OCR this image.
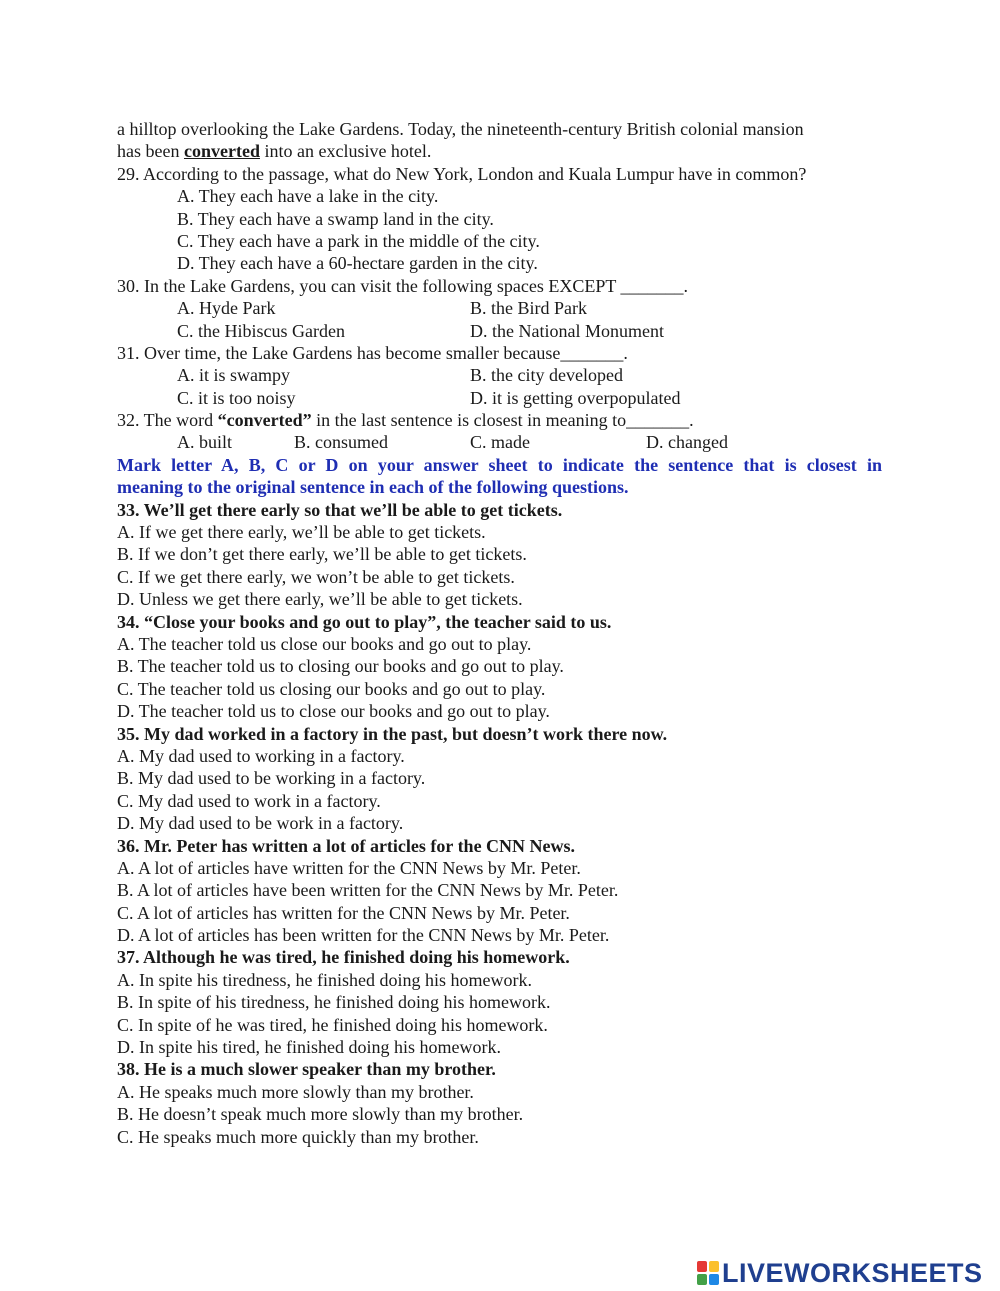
a hilltop overlooking the Lake Gardens. Today, the nineteenth-century British colonial mansion
has been converted into an exclusive hotel.
29. According to the passage, what do New York, London and Kuala Lumpur have in common?
A. They each have a lake in the city.
B. They each have a swamp land in the city.
C. They each have a park in the middle of the city.
D. They each have a 60-hectare garden in the city.
30. In the Lake Gardens, you can visit the following spaces EXCEPT _______.
A. Hyde Park	B. the Bird Park
C. the Hibiscus Garden	D. the National Monument
31. Over time, the Lake Gardens has become smaller because_______.
A. it is swampy	B. the city developed
C. it is too noisy	D. it is getting overpopulated
32. The word “converted” in the last sentence is closest in meaning to_______.
A. built	B. consumed	C. made	D. changed
Mark letter A, B, C or D on your answer sheet to indicate the sentence that is closest in
meaning to the original sentence in each of the following questions.
33. We’ll get there early so that we’ll be able to get tickets.
A. If we get there early, we’ll be able to get tickets.
B. If we don’t get there early, we’ll be able to get tickets.
C. If we get there early, we won’t be able to get tickets.
D. Unless we get there early, we’ll be able to get tickets.
34. “Close your books and go out to play”, the teacher said to us.
A. The teacher told us close our books and go out to play.
B. The teacher told us to closing our books and go out to play.
C. The teacher told us closing our books and go out to play.
D. The teacher told us to close our books and go out to play.
35. My dad worked in a factory in the past, but doesn’t work there now.
A. My dad used to working in a factory.
B. My dad used to be working in a factory.
C. My dad used to work in a factory.
D. My dad used to be work in a factory.
36. Mr. Peter has written a lot of articles for the CNN News.
A. A lot of articles have written for the CNN News by Mr. Peter.
B. A lot of articles have been written for the CNN News by Mr. Peter.
C. A lot of articles has written for the CNN News by Mr. Peter.
D. A lot of articles has been written for the CNN News by Mr. Peter.
37. Although he was tired, he finished doing his homework.
A. In spite his tiredness, he finished doing his homework.
B. In spite of his tiredness, he finished doing his homework.
C. In spite of he was tired, he finished doing his homework.
D. In spite his tired, he finished doing his homework.
38. He is a much slower speaker than my brother.
A. He speaks much more slowly than my brother.
B. He doesn’t speak much more slowly than my brother.
C. He speaks much more quickly than my brother.
LIVEWORKSHEETS
